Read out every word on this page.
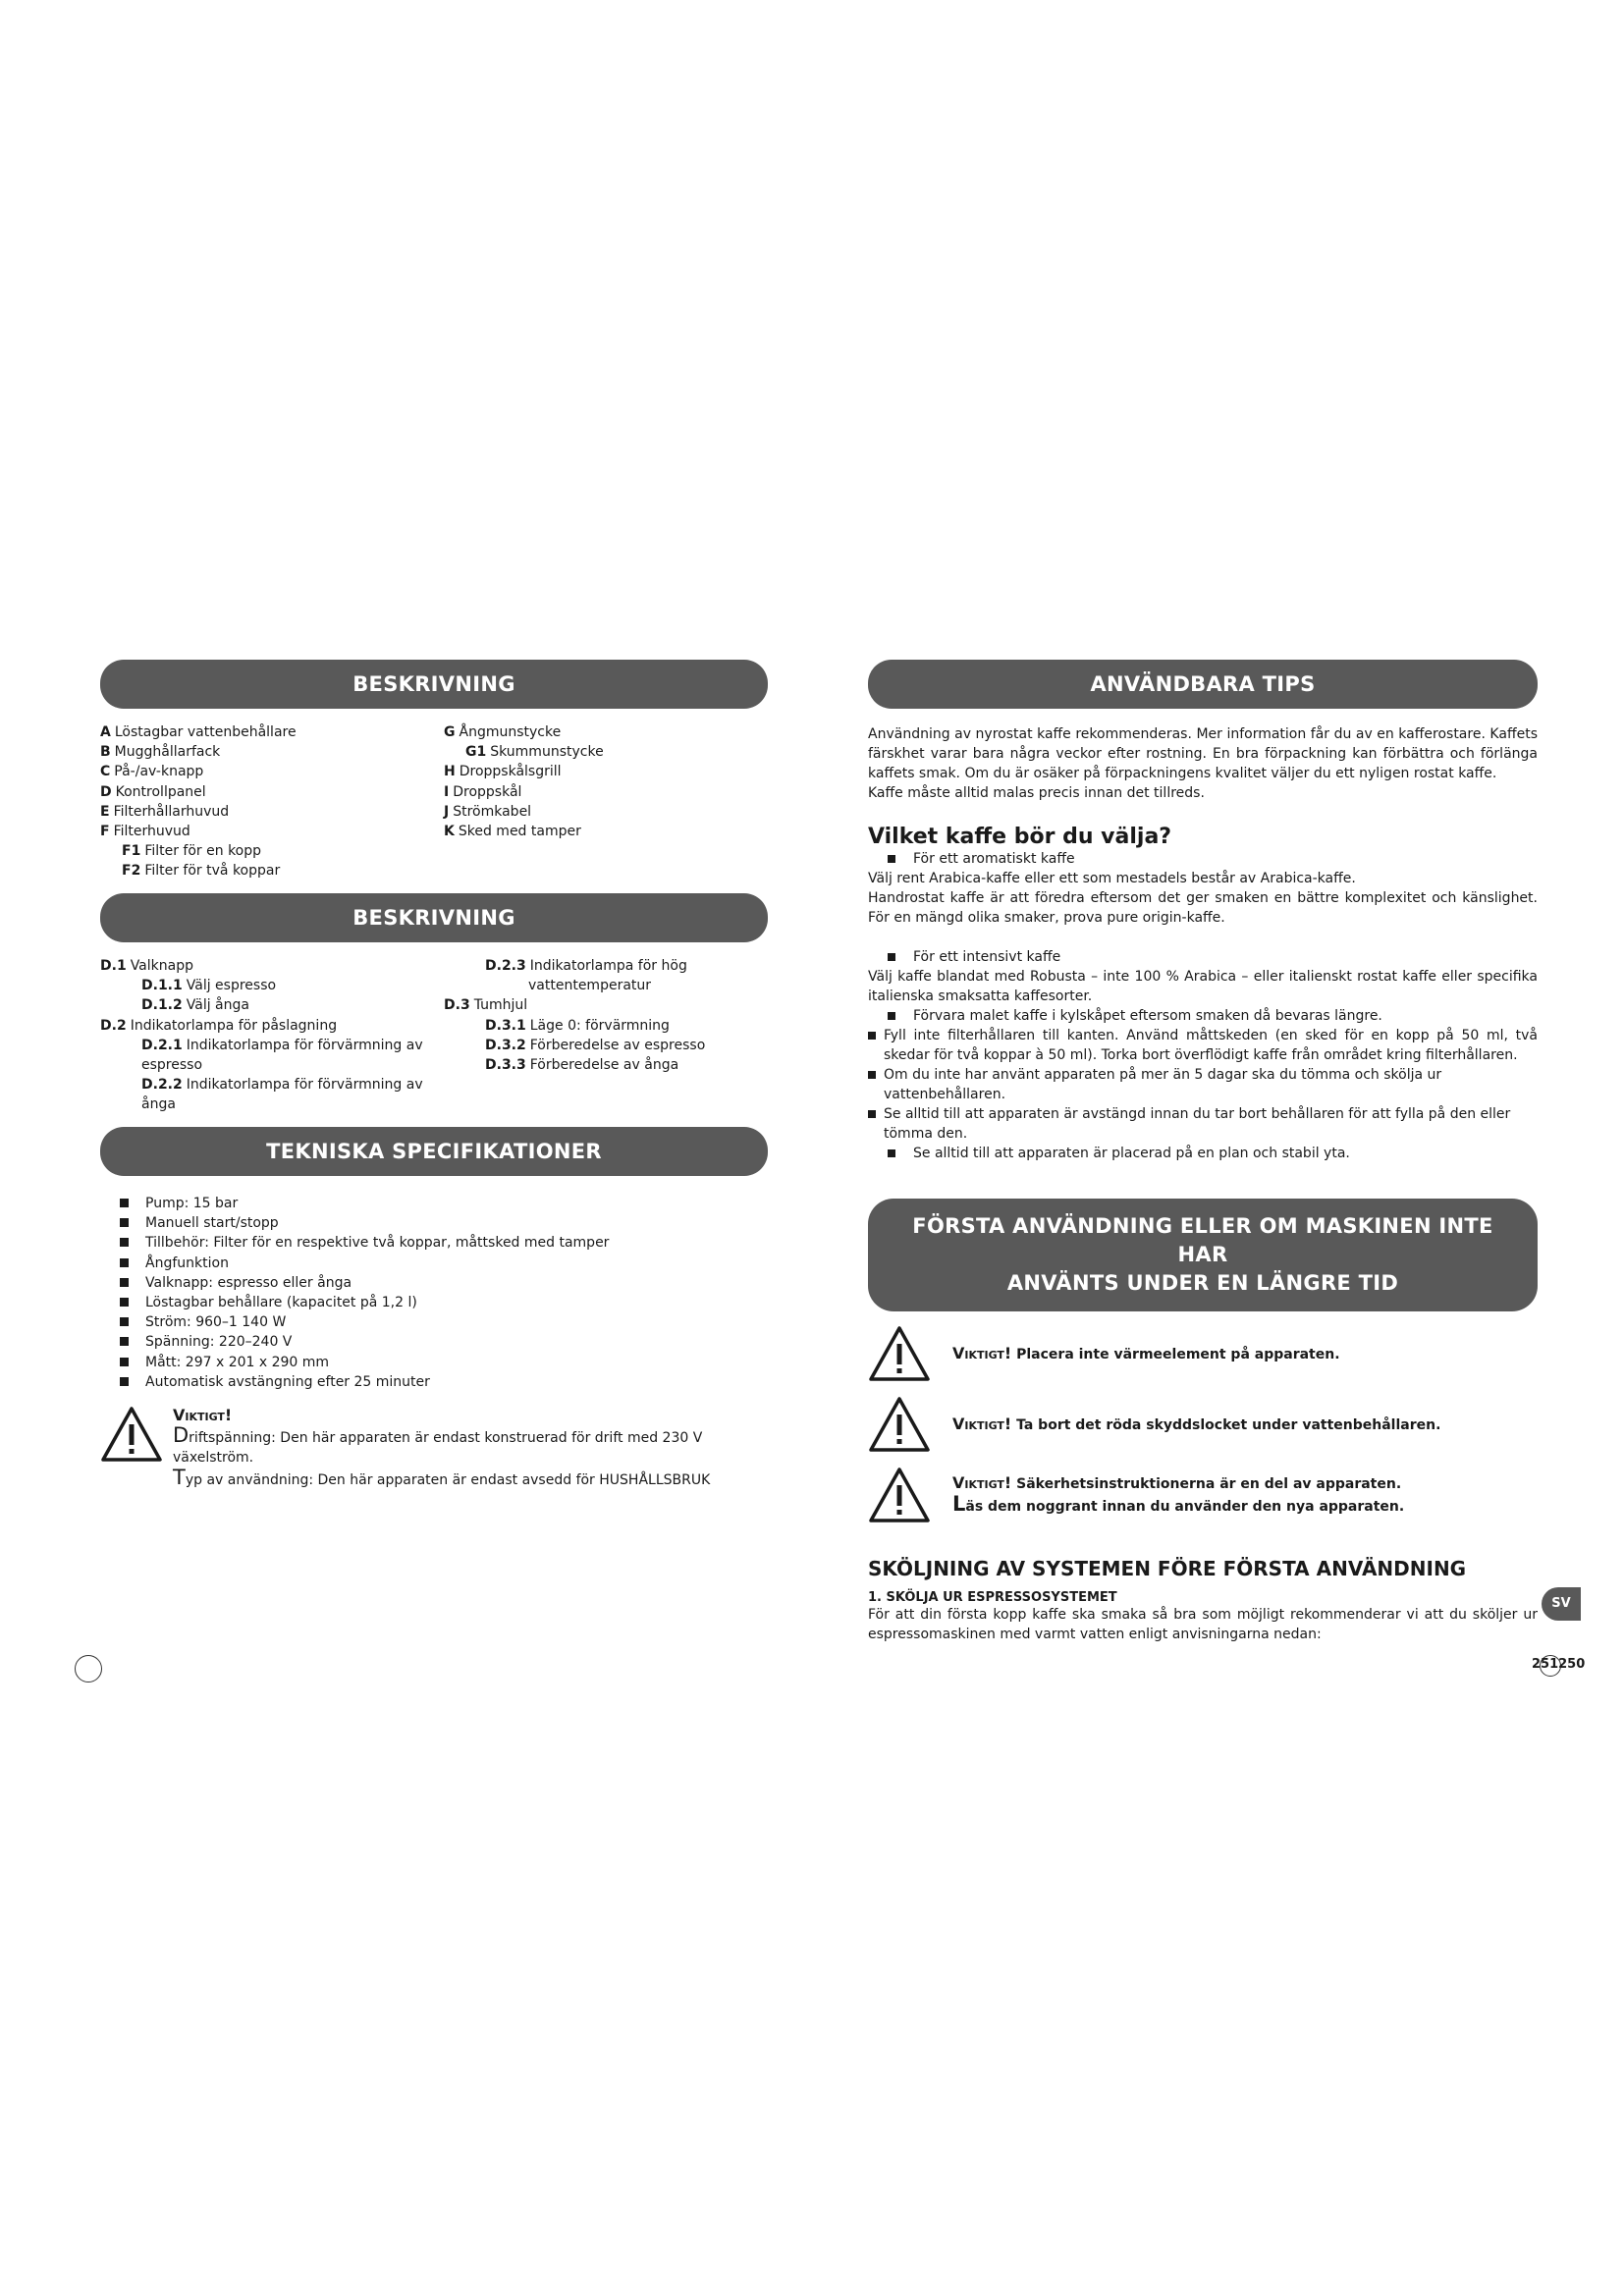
BESKRIVNING
A Löstagbar vattenbehållare
B Mugghållarfack
C På-/av-knapp
D Kontrollpanel
E Filterhållarhuvud
F Filterhuvud
F1 Filter för en kopp
F2 Filter för två koppar
G Ångmunstycke
G1 Skummunstycke
H Droppskålsgrill
I Droppskål
J Strömkabel
K Sked med tamper
BESKRIVNING
D.1 Valknapp
D.1.1 Välj espresso
D.1.2 Välj ånga
D.2 Indikatorlampa för påslagning
D.2.1 Indikatorlampa för förvärmning av
espresso
D.2.2 Indikatorlampa för förvärmning av
ånga
D.2.3 Indikatorlampa för hög
vattentemperatur
D.3 Tumhjul
D.3.1 Läge 0: förvärmning
D.3.2 Förberedelse av espresso
D.3.3 Förberedelse av ånga
TEKNISKA SPECIFIKATIONER
Pump: 15 bar
Manuell start/stopp
Tillbehör: Filter för en respektive två koppar, måttsked med tamper
Ångfunktion
Valknapp: espresso eller ånga
Löstagbar behållare (kapacitet på 1,2 l)
Ström: 960–1 140 W
Spänning: 220–240 V
Mått: 297 x 201 x 290 mm
Automatisk avstängning efter 25 minuter
Viktigt!
Driftspänning: Den här apparaten är endast konstruerad för drift med 230 V växelström.
Typ av användning: Den här apparaten är endast avsedd för HUSHÅLLSBRUK
ANVÄNDBARA TIPS

Användning av nyrostat kaffe rekommenderas. Mer information får du av en kafferostare. Kaffets färskhet varar bara några veckor efter rostning. En bra förpackning kan förbättra och förlänga kaffets smak. Om du är osäker på förpackningens kvalitet väljer du ett nyligen rostat kaffe.

Kaffe måste alltid malas precis innan det tillreds.

Vilket kaffe bör du välja?

För ett aromatiskt kaffe

Välj rent Arabica-kaffe eller ett som mestadels består av Arabica-kaffe.

Handrostat kaffe är att föredra eftersom det ger smaken en bättre komplexitet och känslighet. För en mängd olika smaker, prova pure origin-kaffe.

För ett intensivt kaffe

Välj kaffe blandat med Robusta – inte 100 % Arabica – eller italienskt rostat kaffe eller specifika italienska smaksatta kaffesorter.

Förvara malet kaffe i kylskåpet eftersom smaken då bevaras längre.
Fyll inte filterhållaren till kanten. Använd måttskeden (en sked för en kopp på 50 ml, två skedar för två koppar à 50 ml). Torka bort överflödigt kaffe från området kring filterhållaren.
Om du inte har använt apparaten på mer än 5 dagar ska du tömma och skölja ur vattenbehållaren.
Se alltid till att apparaten är avstängd innan du tar bort behållaren för att fylla på den eller tömma den.
Se alltid till att apparaten är placerad på en plan och stabil yta.
FÖRSTA ANVÄNDNING ELLER OM MASKINEN INTE HAR
ANVÄNTS UNDER EN LÄNGRE TID
Viktigt! Placera inte värmeelement på apparaten.
Viktigt! Ta bort det röda skyddslocket under vattenbehållaren.
Viktigt! Säkerhetsinstruktionerna är en del av apparaten.
Läs dem noggrant innan du använder den nya apparaten.

SKÖLJNING AV SYSTEMEN FÖRE FÖRSTA ANVÄNDNING

1. SKÖLJA UR ESPRESSOSYSTEMET

För att din första kopp kaffe ska smaka så bra som möjligt rekommenderar vi att du sköljer ur espressomaskinen med varmt vatten enligt anvisningarna nedan:

SV
251250
